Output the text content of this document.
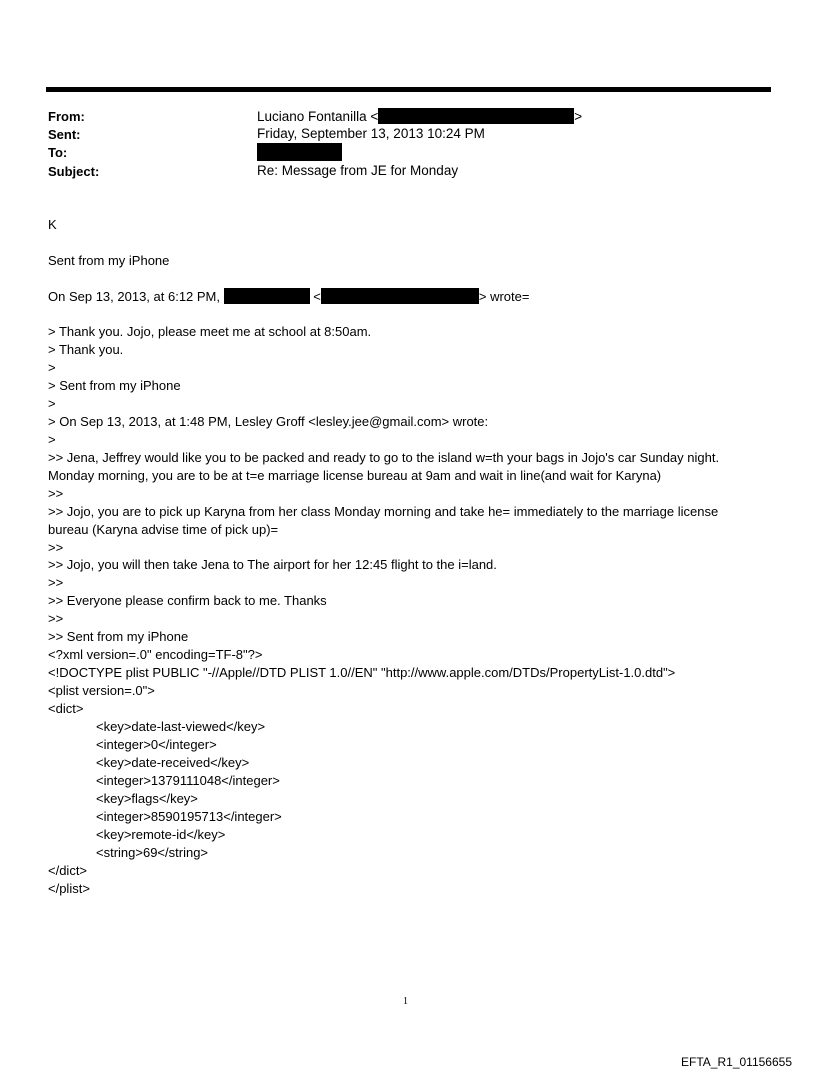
From:	Luciano Fontanilla <	>
Sent:	Friday, September 13, 2013 10:24 PM
To:
Subject:	Re: Message from JE for Monday
K
Sent from my iPhone
On Sep 13, 2013, at 6:12 PM,	<	> wrote=
> Thank you. Jojo, please meet me at school at 8:50am.
> Thank you.
>
> Sent from my iPhone
>
> On Sep 13, 2013, at 1:48 PM, Lesley Groff <lesley.jee@gmail.com> wrote:
>
>> Jena, Jeffrey would like you to be packed and ready to go to the island w=th your bags in Jojo's car Sunday night. Monday morning, you are to be at t=e marriage license bureau at 9am and wait in line(and wait for Karyna)
>>
>> Jojo, you are to pick up Karyna from her class Monday morning and take he= immediately to the marriage license bureau (Karyna advise time of pick up)=
>>
>> Jojo, you will then take Jena to The airport for her 12:45 flight to the i=land.
>>
>> Everyone please confirm back to me. Thanks
>>
>> Sent from my iPhone
<?xml version=.0" encoding=TF-8"?>
<!DOCTYPE plist PUBLIC "-//Apple//DTD PLIST 1.0//EN" "http://www.apple.com/DTDs/PropertyList-1.0.dtd">
<plist version=.0">
<dict>
<key>date-last-viewed</key>
<integer>0</integer>
<key>date-received</key>
<integer>1379111048</integer>
<key>flags</key>
<integer>8590195713</integer>
<key>remote-id</key>
<string>69</string>
</dict>
</plist>
1
EFTA_R1_01156655
